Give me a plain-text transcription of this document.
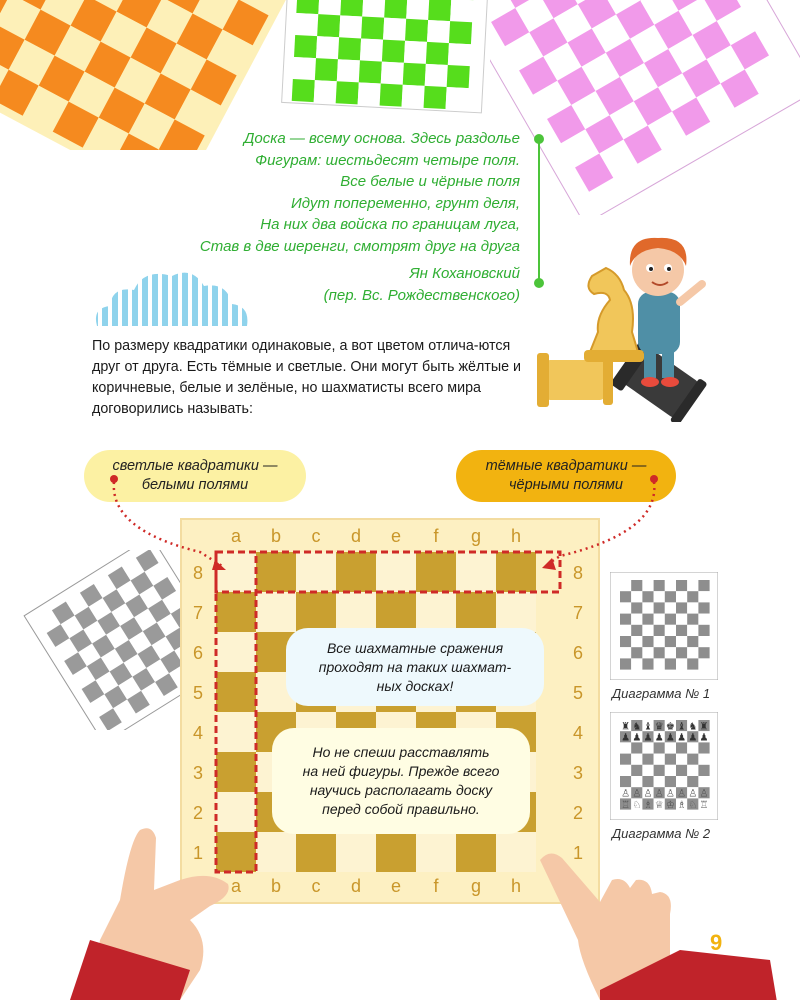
Доска — всему основа. Здесь раздолье
Фигурам: шестьдесят четыре поля.
Все белые и чёрные поля
Идут попеременно, грунт деля,
На них два войска по границам луга,
Став в две шеренги, смотрят друг на друга
Ян Кохановский
(пер. Вс. Рождественского)

По размеру квадратики одинаковые, а вот цветом отлича-ются друг от друга. Есть тёмные и светлые. Они могут быть жёлтые и коричневые, белые и зелёные, но шахматисты всего мира договорились называть:

светлые квадратики —
белыми полями
тёмные квадратики —
чёрными полями
a b c d e f g h
a b c d e f g h
8
7
6
5
4
3
2
1
8
7
6
5
4
3
2
1
Все шахматные сражения
проходят на таких шахмат-
ных досках!
Но не спеши расставлять
на ней фигуры. Прежде всего
научись располагать доску
перед собой правильно.
Диаграмма № 1
♜
♟
♙
♖
♞
♟
♙
♘
♝
♟
♙
♗
♛
♟
♙
♕
♚
♟
♙
♔
♝
♟
♙
♗
♞
♟
♙
♘
♜
♟
♙
♖
Диаграмма № 2
9
